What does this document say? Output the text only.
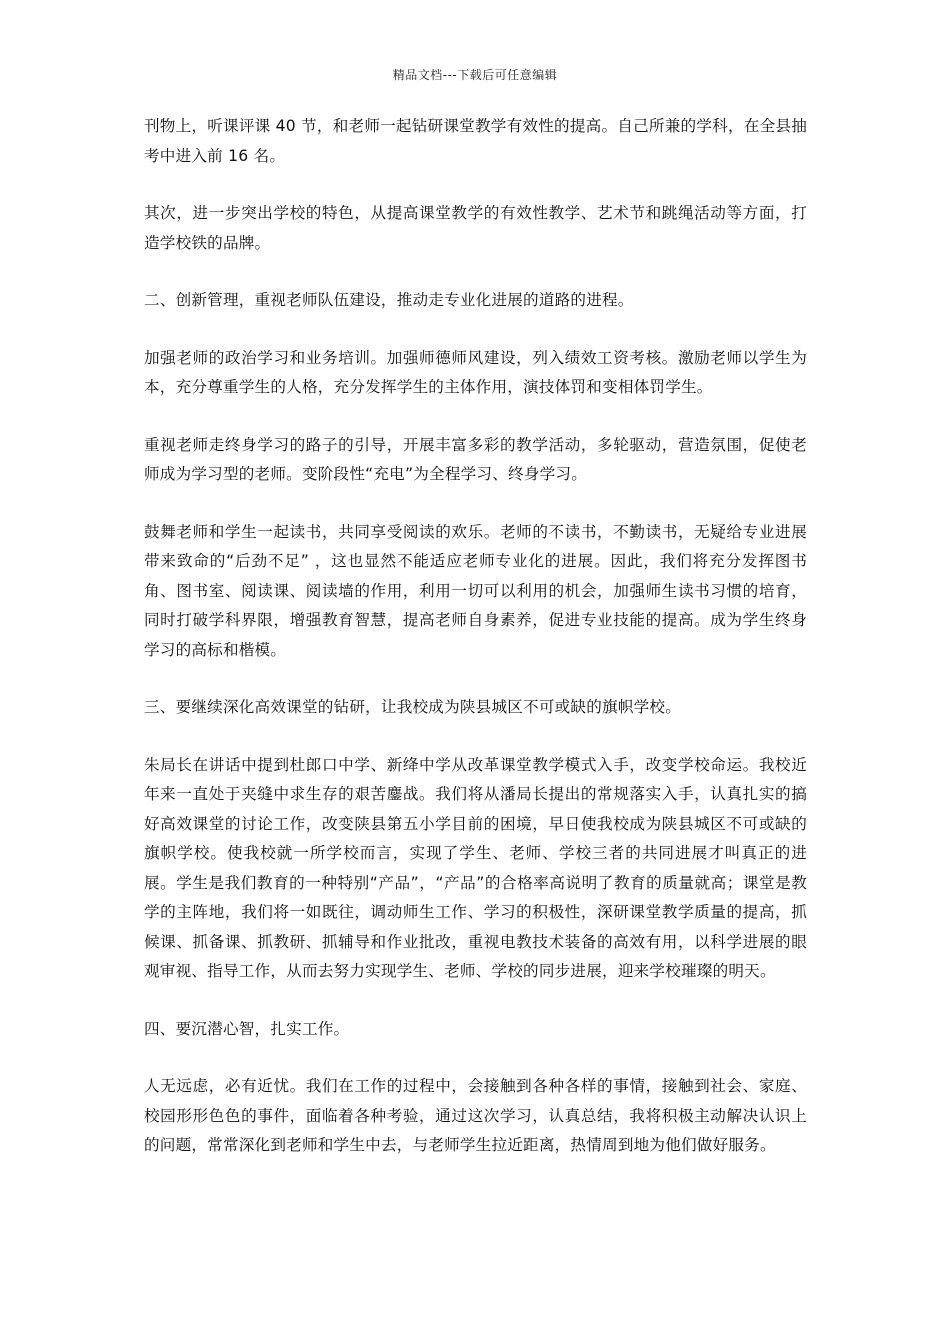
精品文档---下载后可任意编辑

刊物上，听课评课 40 节，和老师一起钻研课堂教学有效性的提高。自己所兼的学科，在全县抽考中进入前 16 名。

其次，进一步突出学校的特色，从提高课堂教学的有效性教学、艺术节和跳绳活动等方面，打造学校铁的品牌。

二、创新管理，重视老师队伍建设，推动走专业化进展的道路的进程。

加强老师的政治学习和业务培训。加强师德师风建设，列入绩效工资考核。激励老师以学生为本，充分尊重学生的人格，充分发挥学生的主体作用，演技体罚和变相体罚学生。

重视老师走终身学习的路子的引导，开展丰富多彩的教学活动，多轮驱动，营造氛围，促使老师成为学习型的老师。变阶段性“充电”为全程学习、终身学习。

鼓舞老师和学生一起读书，共同享受阅读的欢乐。老师的不读书，不勤读书，无疑给专业进展带来致命的“后劲不足” ，这也显然不能适应老师专业化的进展。因此，我们将充分发挥图书角、图书室、阅读课、阅读墙的作用，利用一切可以利用的机会，加强师生读书习惯的培育，同时打破学科界限，增强教育智慧，提高老师自身素养，促进专业技能的提高。成为学生终身学习的高标和楷模。

三、要继续深化高效课堂的钻研，让我校成为陕县城区不可或缺的旗帜学校。

朱局长在讲话中提到杜郎口中学、新绛中学从改革课堂教学模式入手，改变学校命运。我校近年来一直处于夹缝中求生存的艰苦鏖战。我们将从潘局长提出的常规落实入手，认真扎实的搞好高效课堂的讨论工作，改变陕县第五小学目前的困境，早日使我校成为陕县城区不可或缺的旗帜学校。使我校就一所学校而言，实现了学生、老师、学校三者的共同进展才叫真正的进展。学生是我们教育的一种特别“产品”，“产品”的合格率高说明了教育的质量就高；课堂是教学的主阵地，我们将一如既往，调动师生工作、学习的积极性，深研课堂教学质量的提高，抓候课、抓备课、抓教研、抓辅导和作业批改，重视电教技术装备的高效有用，以科学进展的眼观审视、指导工作，从而去努力实现学生、老师、学校的同步进展，迎来学校璀璨的明天。

四、要沉潜心智，扎实工作。

人无远虑，必有近忧。我们在工作的过程中，会接触到各种各样的事情，接触到社会、家庭、校园形形色色的事件，面临着各种考验，通过这次学习，认真总结，我将积极主动解决认识上的问题，常常深化到老师和学生中去，与老师学生拉近距离，热情周到地为他们做好服务。
